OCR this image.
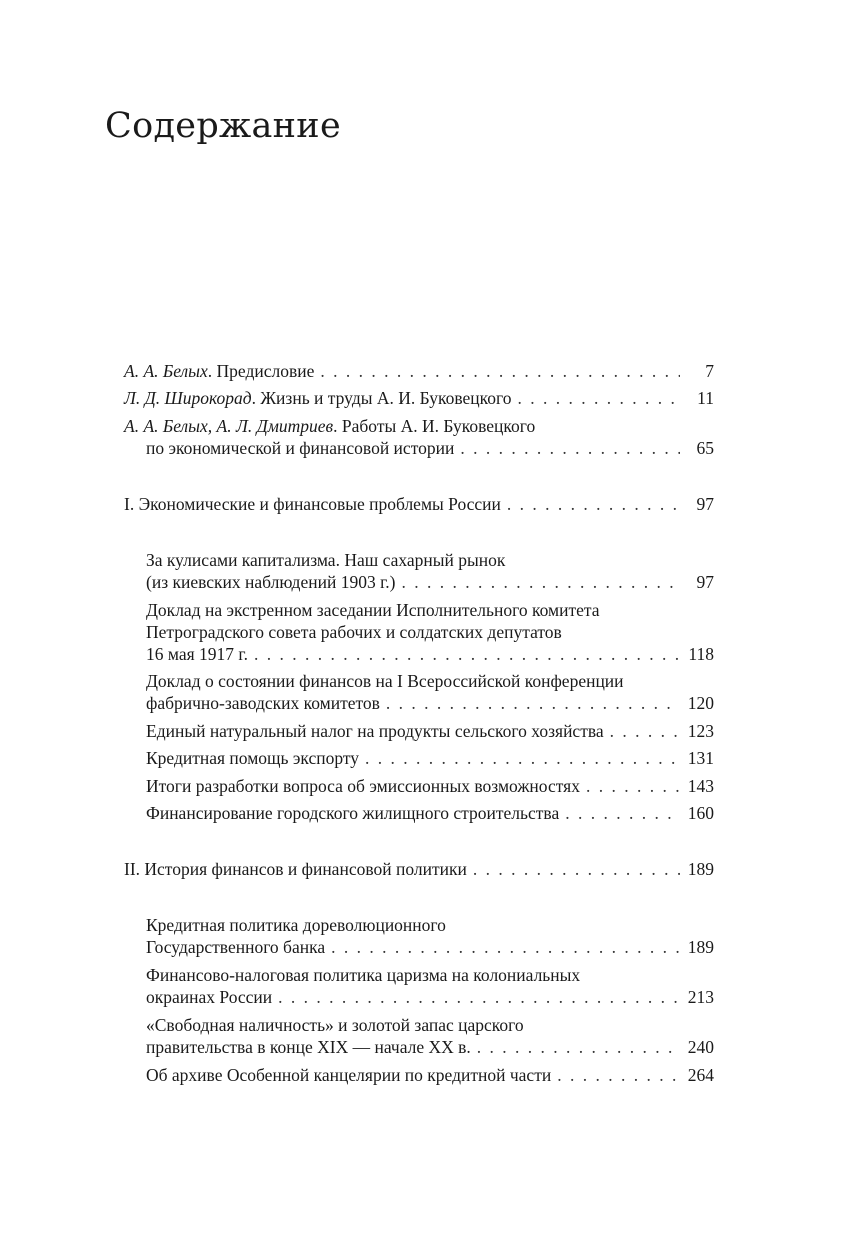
Содержание
А. А. Белых. Предисловие . . .	7
Л. Д. Широкорад. Жизнь и труды А. И. Буковецкого . . .	11
А. А. Белых, А. Л. Дмитриев. Работы А. И. Буковецкого
по экономической и финансовой истории . . .	65
I. Экономические и финансовые проблемы России . . .	97
За кулисами капитализма. Наш сахарный рынок
(из киевских наблюдений 1903 г.) . . .	97
Доклад на экстренном заседании Исполнительного комитета
Петроградского совета рабочих и солдатских депутатов
16 мая 1917 г. . . .	118
Доклад о состоянии финансов на I Всероссийской конференции
фабрично-заводских комитетов . . .	120
Единый натуральный налог на продукты сельского хозяйства . . .	123
Кредитная помощь экспорту . . .	131
Итоги разработки вопроса об эмиссионных возможностях . . .	143
Финансирование городского жилищного строительства . . .	160
II. История финансов и финансовой политики . . .	189
Кредитная политика дореволюционного
Государственного банка . . .	189
Финансово-налоговая политика царизма на колониальных
окраинах России . . .	213
«Свободная наличность» и золотой запас царского
правительства в конце XIX — начале XX в. . . .	240
Об архиве Особенной канцелярии по кредитной части . . .	264
